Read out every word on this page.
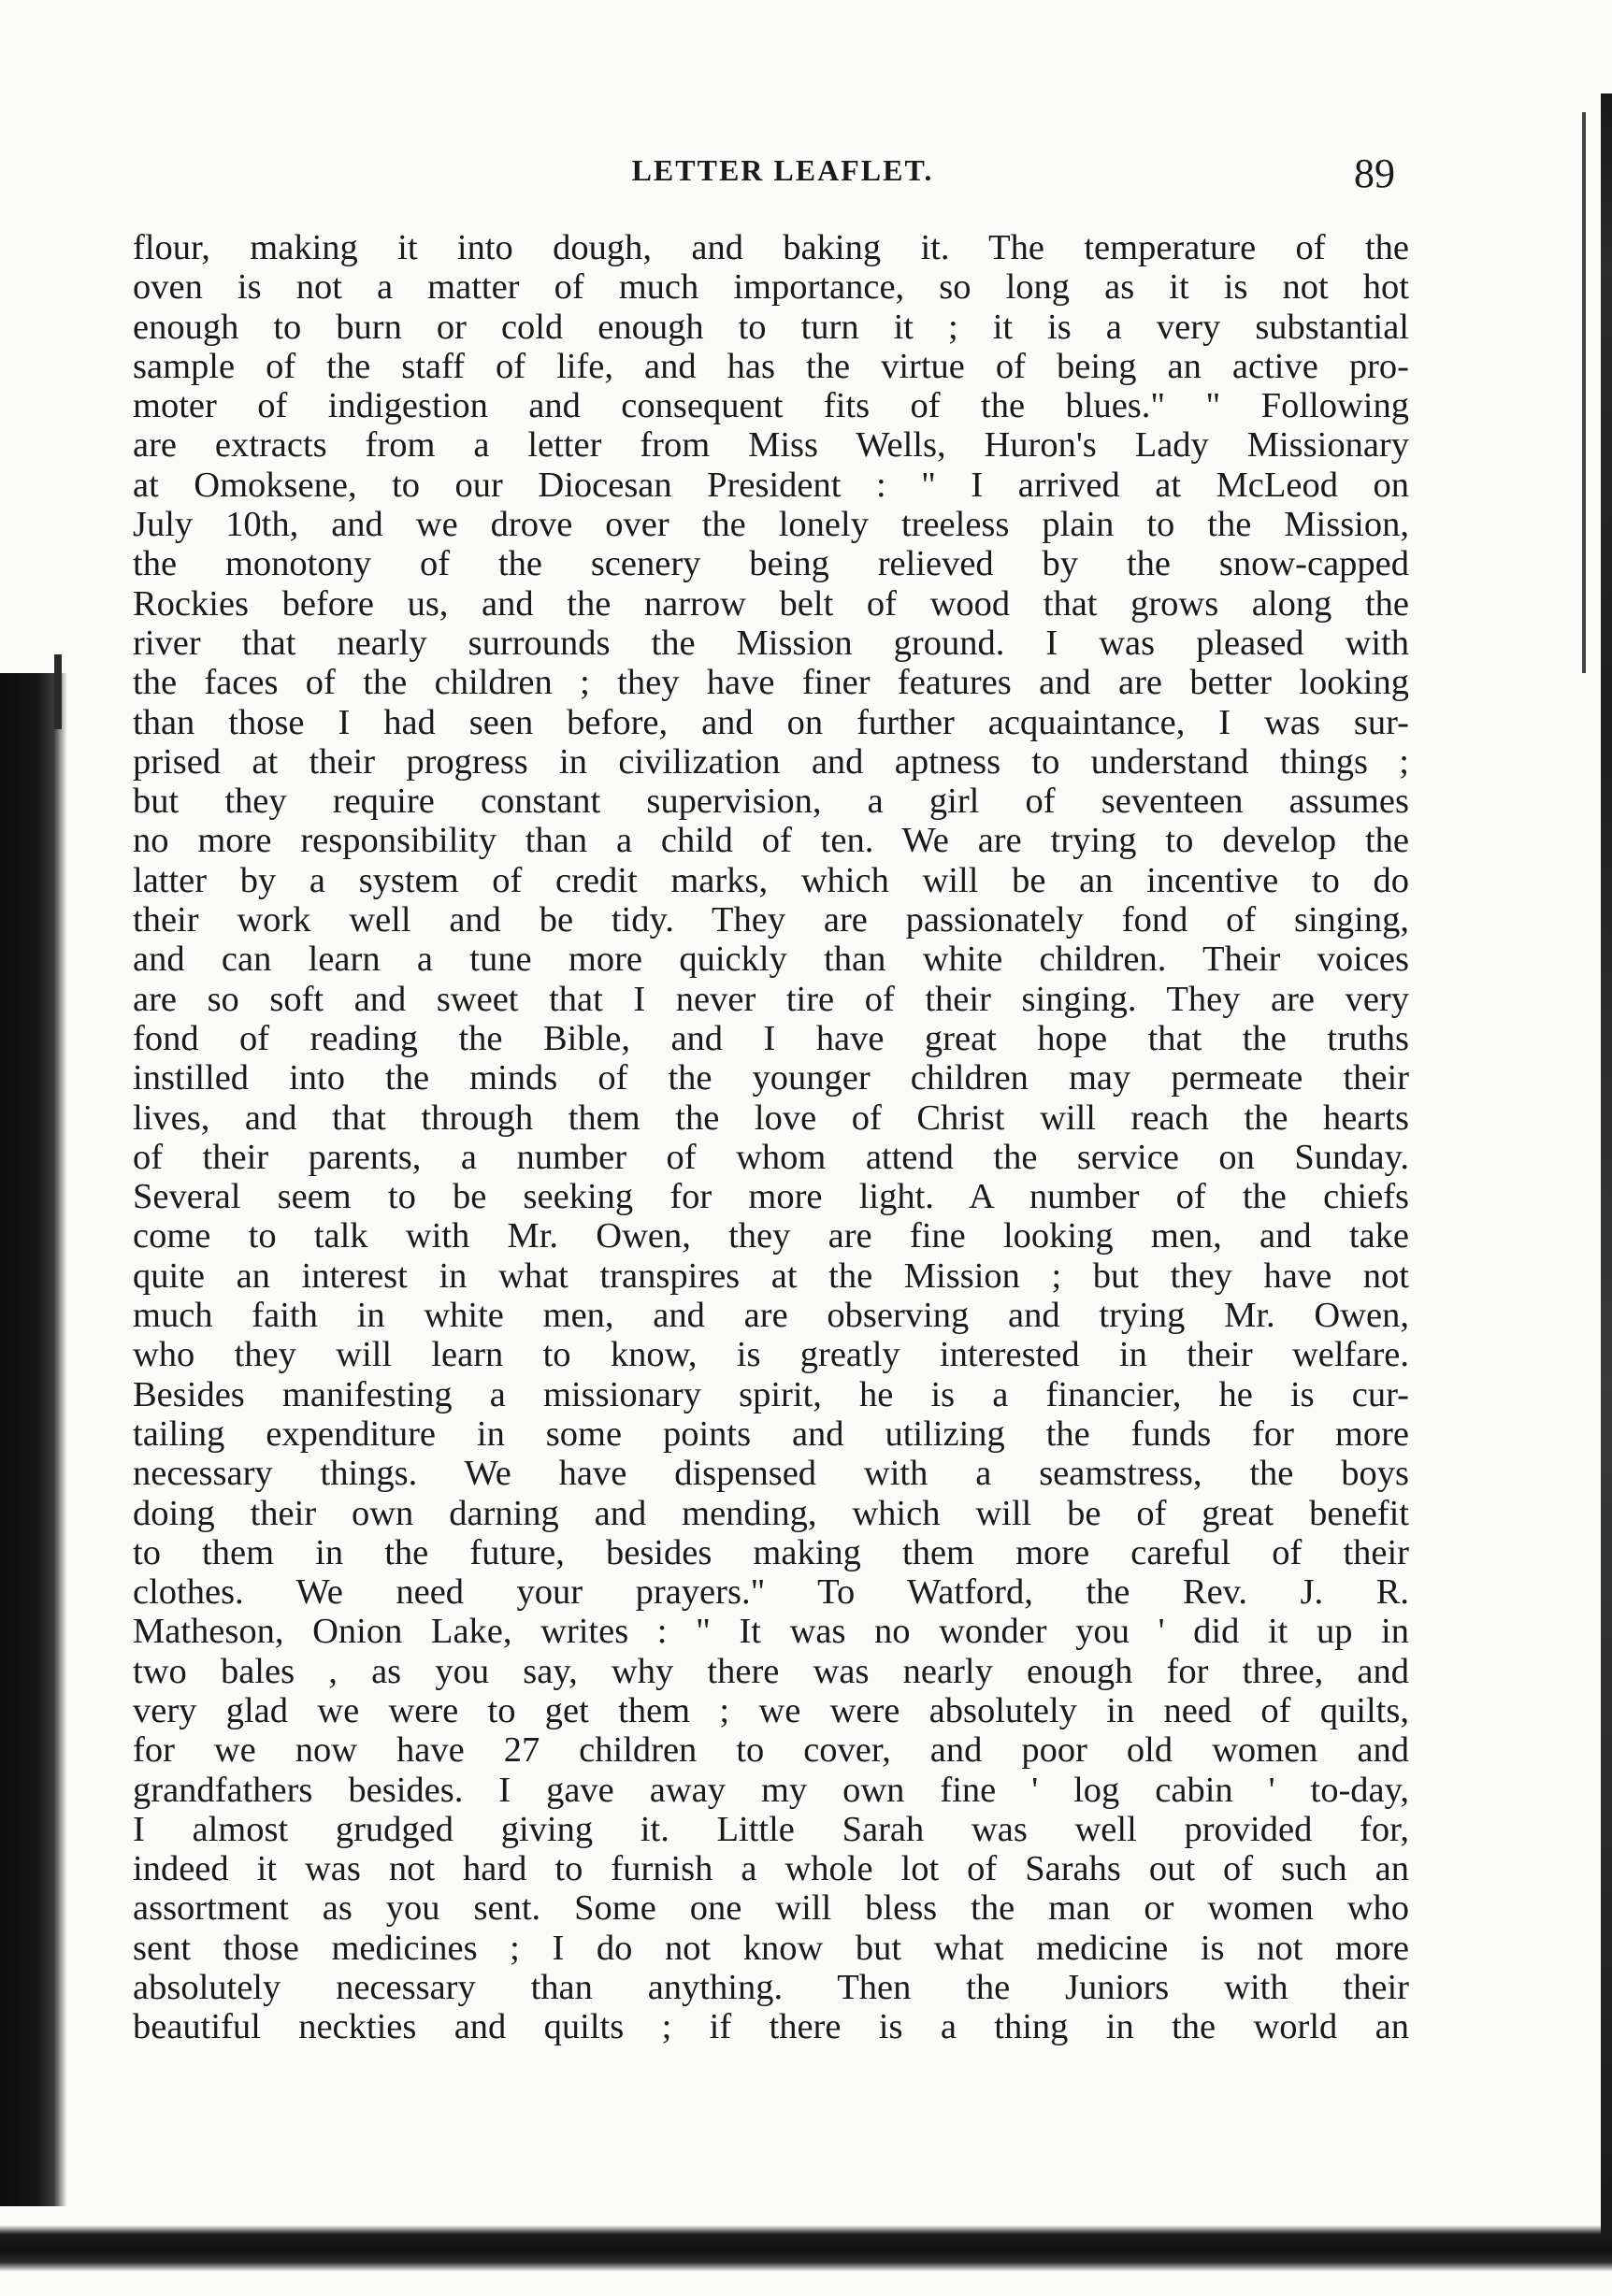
LETTER LEAFLET.	89
flour, making it into dough, and baking it. The temperature of the
oven is not a matter of much importance, so long as it is not hot
enough to burn or cold enough to turn it ; it is a very substantial
sample of the staff of life, and has the virtue of being an active pro-
moter of indigestion and consequent fits of the blues." " Following
are extracts from a letter from Miss Wells, Huron's Lady Missionary
at Omoksene, to our Diocesan President : " I arrived at McLeod on
July 10th, and we drove over the lonely treeless plain to the Mission,
the monotony of the scenery being relieved by the snow-capped
Rockies before us, and the narrow belt of wood that grows along the
river that nearly surrounds the Mission ground. I was pleased with
the faces of the children ; they have finer features and are better looking
than those I had seen before, and on further acquaintance, I was sur-
prised at their progress in civilization and aptness to understand things ;
but they require constant supervision, a girl of seventeen assumes
no more responsibility than a child of ten. We are trying to develop the
latter by a system of credit marks, which will be an incentive to do
their work well and be tidy. They are passionately fond of singing,
and can learn a tune more quickly than white children. Their voices
are so soft and sweet that I never tire of their singing. They are very
fond of reading the Bible, and I have great hope that the truths
instilled into the minds of the younger children may permeate their
lives, and that through them the love of Christ will reach the hearts
of their parents, a number of whom attend the service on Sunday.
Several seem to be seeking for more light. A number of the chiefs
come to talk with Mr. Owen, they are fine looking men, and take
quite an interest in what transpires at the Mission ; but they have not
much faith in white men, and are observing and trying Mr. Owen,
who they will learn to know, is greatly interested in their welfare.
Besides manifesting a missionary spirit, he is a financier, he is cur-
tailing expenditure in some points and utilizing the funds for more
necessary things. We have dispensed with a seamstress, the boys
doing their own darning and mending, which will be of great benefit
to them in the future, besides making them more careful of their
clothes. We need your prayers." To Watford, the Rev. J. R.
Matheson, Onion Lake, writes : " It was no wonder you ' did it up in
two bales , as you say, why there was nearly enough for three, and
very glad we were to get them ; we were absolutely in need of quilts,
for we now have 27 children to cover, and poor old women and
grandfathers besides. I gave away my own fine ' log cabin ' to-day,
I almost grudged giving it. Little Sarah was well provided for,
indeed it was not hard to furnish a whole lot of Sarahs out of such an
assortment as you sent. Some one will bless the man or women who
sent those medicines ; I do not know but what medicine is not more
absolutely necessary than anything. Then the Juniors with their
beautiful neckties and quilts ; if there is a thing in the world an
